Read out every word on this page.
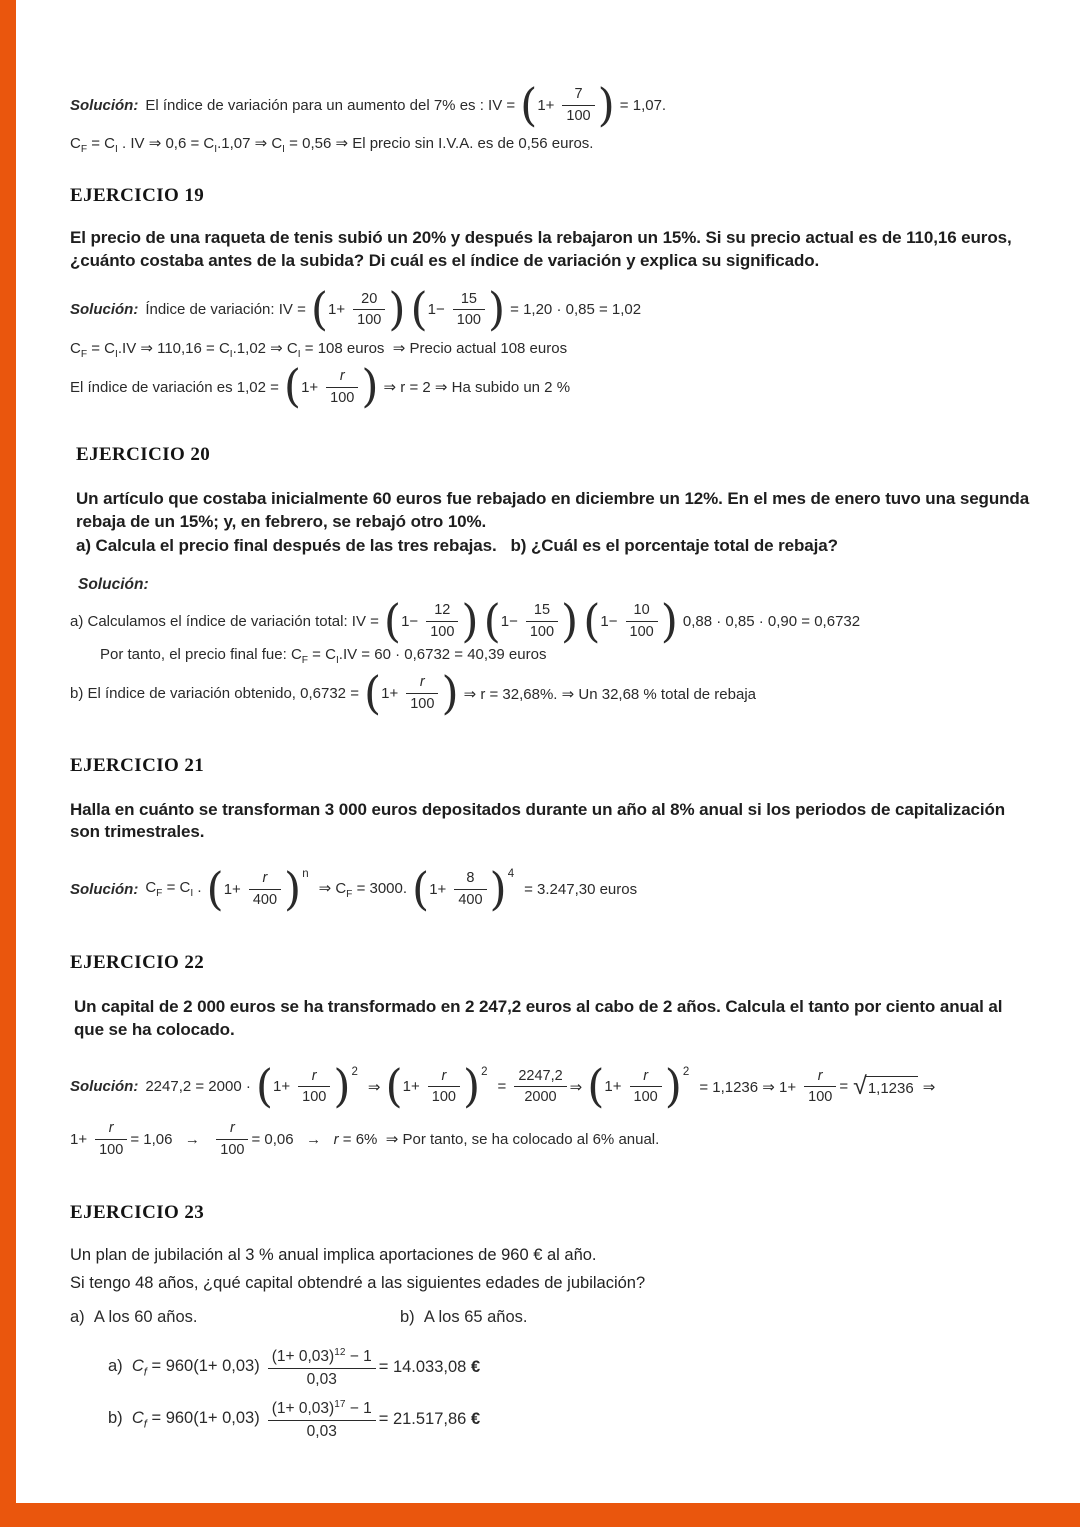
Solución: El índice de variación para un aumento del 7% es : IV = ( $1+ \frac{7}{100}$ ) = 1,07.
$C_F = C_I$ . IV ⇒ $0,6 = C_I.1,07$ ⇒ $C_I = 0,56$ ⇒ El precio sin I.V.A. es de 0,56 euros.
EJERCICIO 19

El precio de una raqueta de tenis subió un 20% y después la rebajaron un 15%. Si su precio actual es de 110,16 euros, ¿cuánto costaba antes de la subida? Di cuál es el índice de variación y explica su significado.

Solución: Índice de variación: IV = ( $1+ \frac{20}{100}$ ) ( $1- \frac{15}{100}$ ) = 1,20 · 0,85 = 1,02
$C_F = C_I.IV$ ⇒ $110,16 = C_I.1,02$ ⇒ $C_I = 108$ euros  ⇒ Precio actual 108 euros
El índice de variación es 1,02 = ( $1+ \frac{r}{100}$ ) ⇒ r = 2 ⇒ Ha subido un 2 %
EJERCICIO 20

Un artículo que costaba inicialmente 60 euros fue rebajado en diciembre un 12%. En el mes de enero tuvo una segunda rebaja de un 15%; y, en febrero, se rebajó otro 10%.

a) Calcula el precio final después de las tres rebajas.   b) ¿Cuál es el porcentaje total de rebaja?

Solución:
a) Calculamos el índice de variación total: IV = ( $1- \frac{12}{100}$ ) ( $1- \frac{15}{100}$ ) ( $1- \frac{10}{100}$ ) 0,88 · 0,85 · 0,90 = 0,6732
Por tanto, el precio final fue: $C_F = C_I.IV = 60 \cdot 0,6732 = 40,39$ euros
b) El índice de variación obtenido, 0,6732 = ( $1+ \frac{r}{100}$ ) ⇒ r = 32,68%. ⇒ Un 32,68 % total de rebaja
EJERCICIO 21

Halla en cuánto se transforman 3 000 euros depositados durante un año al 8% anual si los periodos de capitalización son trimestrales.

Solución: $C_F = C_I$ . ( $1+ \frac{r}{400} )^n$
⇒ $C_F = 3000$. ( $1+ \frac{8}{400} )^4$
= 3.247,30 euros
EJERCICIO 22

Un capital de 2 000 euros se ha transformado en 2 247,2 euros al cabo de 2 años. Calcula el tanto por ciento anual al que se ha colocado.

Solución: 2247,2 = 2000 · ( $1+ \frac{r}{100} )^2$
⇒ ( $1+ \frac{r}{100} )^2$
= $\frac{2247,2}{2000}$ ⇒ ( $1+ \frac{r}{100} )^2$
= 1,1236 ⇒ $1+ \frac{r}{100}$ = √ 1,1236 ⇒
$1+ \frac{r}{100} = 1,06 \to \frac{r}{100} = 0,06 \to r = 6\%$  ⇒ Por tanto, se ha colocado al 6% anual.
EJERCICIO 23

Un plan de jubilación al 3 % anual implica aportaciones de 960 € al año.

Si tengo 48 años, ¿qué capital obtendré a las siguientes edades de jubilación?

a)  A los 60 años.	b)  A los 65 años.
a)  $C_f = 960(1+ 0,03) \frac{(1+ 0,03)^{12} - 1}{0,03} = 14.033,08$ €
b)  $C_f = 960(1+ 0,03) \frac{(1+ 0,03)^{17} - 1}{0,03} = 21.517,86$ €
